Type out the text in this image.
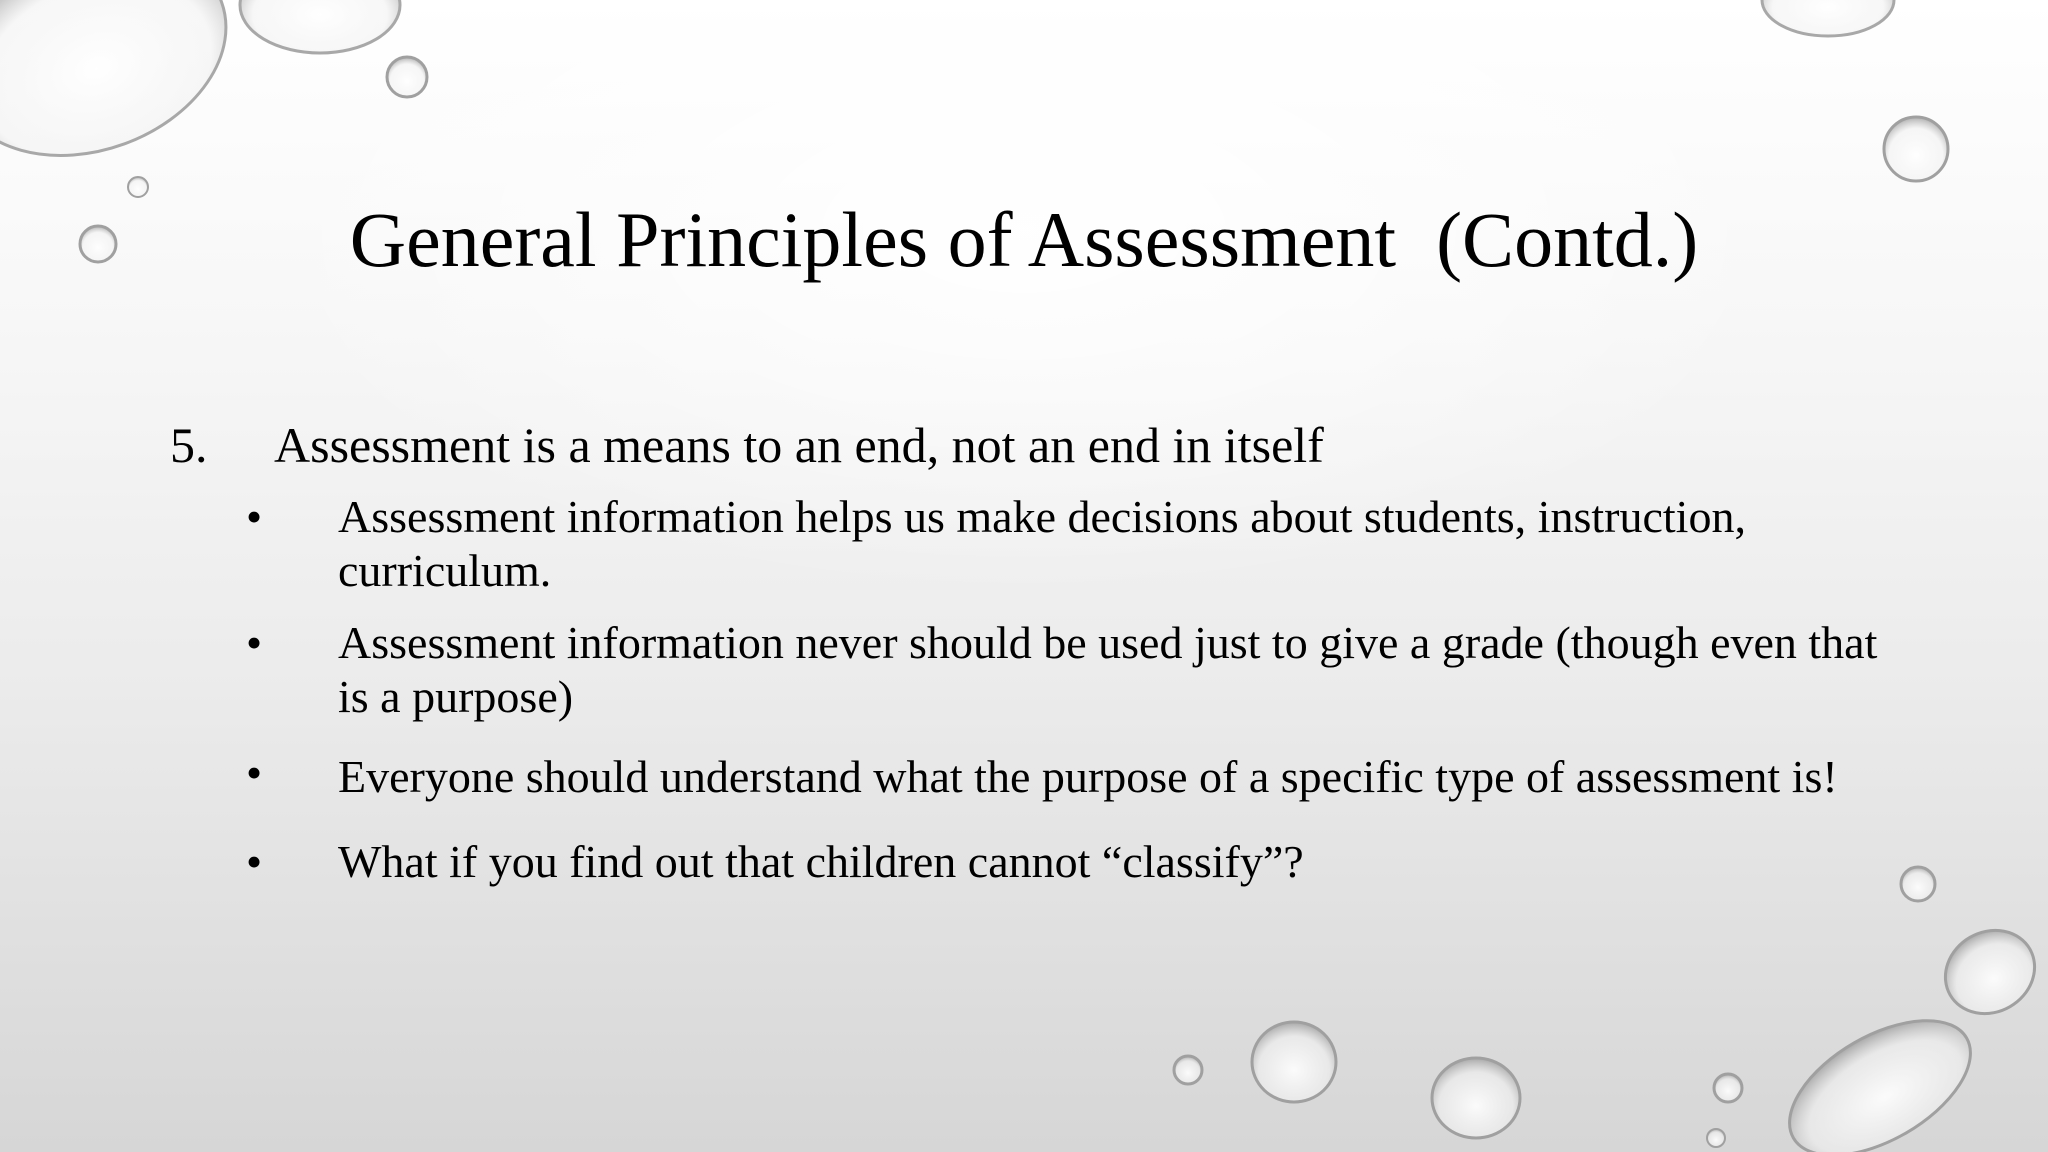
General Principles of Assessment (Contd.)
5.	Assessment is a means to an end, not an end in itself
•	Assessment information helps us make decisions about students, instruction, curriculum.
•	Assessment information never should be used just to give a grade (though even that is a purpose)
•	Everyone should understand what the purpose of a specific type of assessment is!
•	What if you find out that children cannot “classify”?
